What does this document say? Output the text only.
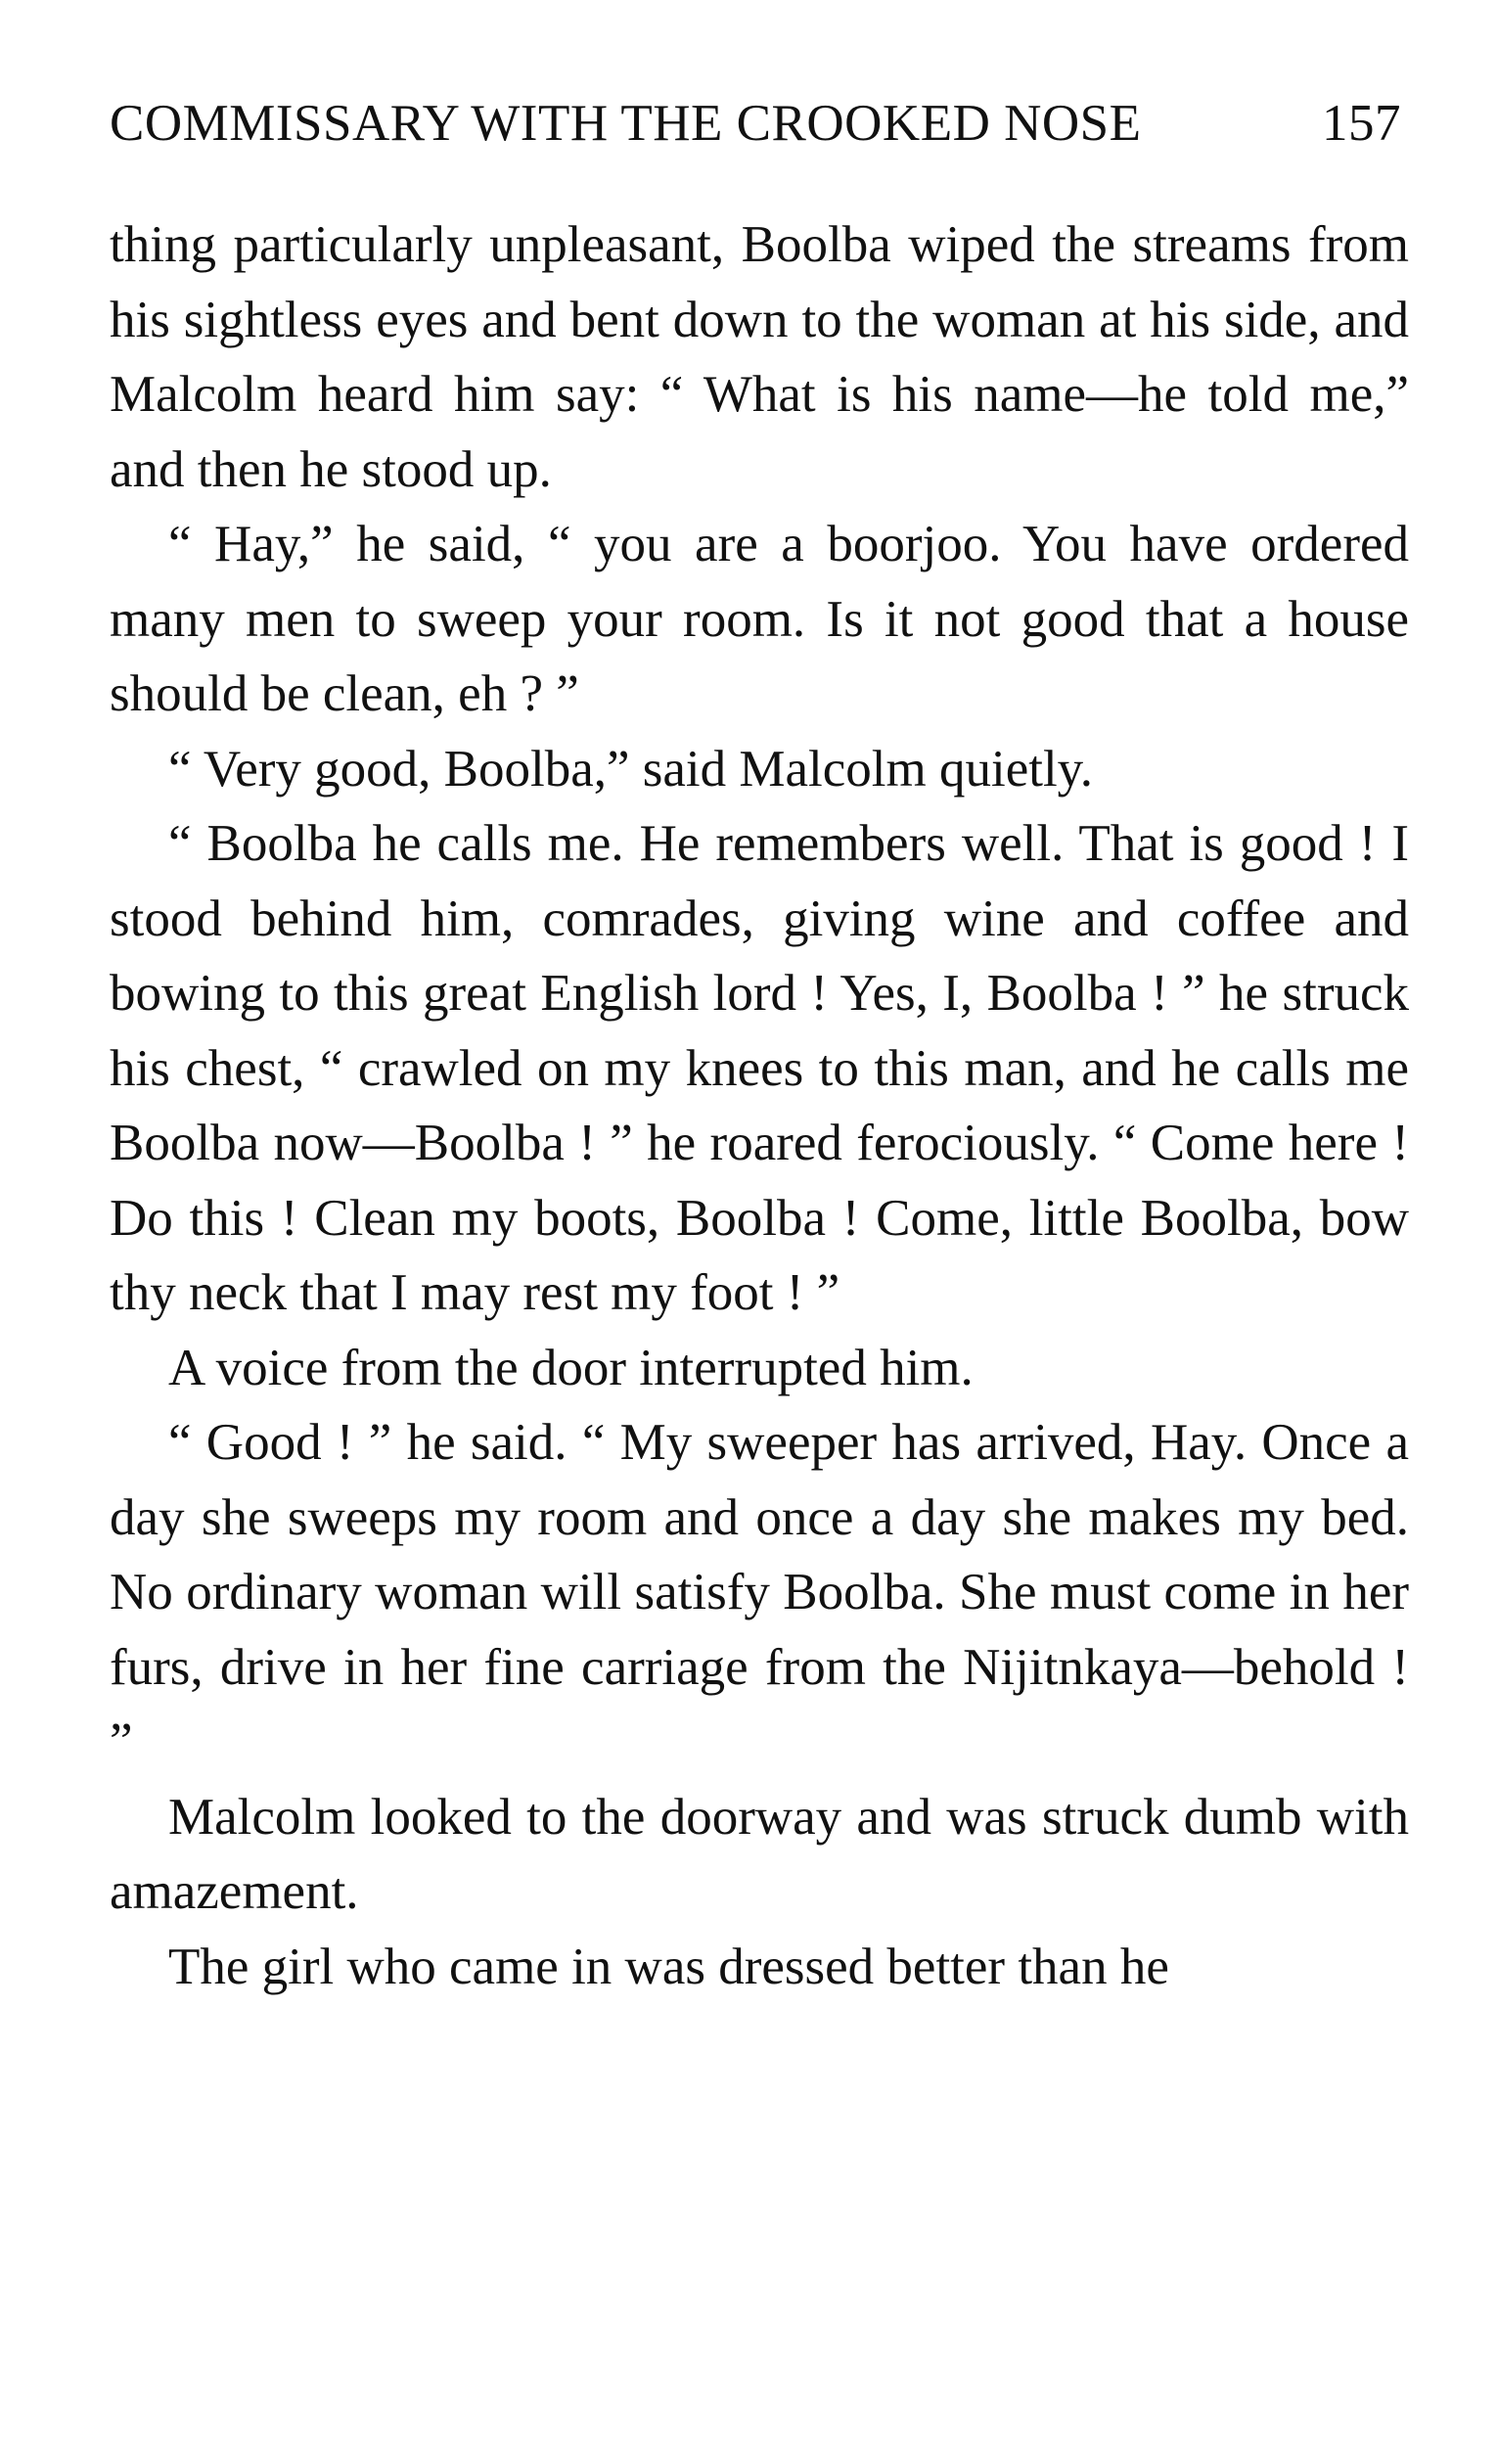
COMMISSARY WITH THE CROOKED NOSE	157

thing particularly unpleasant, Boolba wiped the streams from his sightless eyes and bent down to the woman at his side, and Malcolm heard him say: “ What is his name—he told me,” and then he stood up.

“ Hay,” he said, “ you are a boorjoo. You have ordered many men to sweep your room. Is it not good that a house should be clean, eh ? ”

“ Very good, Boolba,” said Malcolm quietly.

“ Boolba he calls me. He remembers well. That is good ! I stood behind him, comrades, giving wine and coffee and bowing to this great English lord ! Yes, I, Boolba ! ” he struck his chest, “ crawled on my knees to this man, and he calls me Boolba now—Boolba ! ” he roared ferociously. “ Come here ! Do this ! Clean my boots, Boolba ! Come, little Boolba, bow thy neck that I may rest my foot ! ”

A voice from the door interrupted him.

“ Good ! ” he said. “ My sweeper has arrived, Hay. Once a day she sweeps my room and once a day she makes my bed. No ordinary woman will satisfy Boolba. She must come in her furs, drive in her fine carriage from the Nijitnkaya—behold ! ”

Malcolm looked to the doorway and was struck dumb with amazement.

The girl who came in was dressed better than he
